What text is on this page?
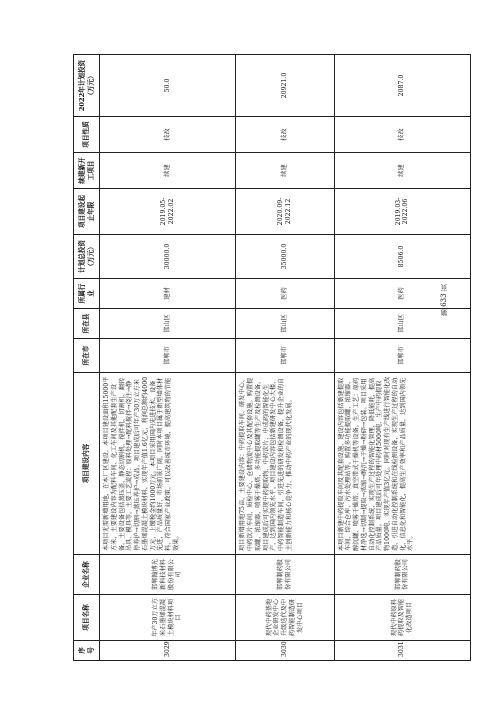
序号	项目名称	企业名称	项目建设内容	所在市	所在县	所属行业	计划总投资（万元）	项目建设起止年限	续建新开工项目	项目性质	2022年计划投资（万元）
3029	年产30万立方米石墨烯混凝土模块材料项目	邯郸翰博光新科技材料股份有限公司	本项目无需新增用地，在本厂区建设，本项目建设面积15000平方米，主要建设内容为配料车间、化工车间及其他配套生产设备。主要设备包括蒸压釜、静态切割机、搅拌机、切割机、翻转吊具、模具等。主要工艺流程：原料处理→配料搅拌→浇注→静停养护→切割→蒸压养护→成品。项目建成后可年产30万立方米石墨烯混凝土模块材料，实现年产值1.6亿元，利润总额约4000万元，上缴税金约1000万元。本项目采用国内先进技术，设备先进，产品质量好，市场前景广阔。同时本项目属于新型墙体材料，符合国家产业政策，可以改善城市环境，提高建筑物的节能效果。	邯郸市	邯山区	建材	30000.0	2019.05-2022.02	续建	技改	50.0
3030	现代中药基地企业研发中心升级迭代及中药智能制造研发中心项目	邯郸制药股份有限公司	项目新增用地75亩，主要建设内容：中药提取车间、研发中心、中药饮片车间、质检中心、仓储物流中心及其配套设施。购置提取罐、浓缩器、喷雾干燥塔、多功能提取罐等生产及检测设备。项目建成后可实现中药提取物、中药饮片、中成药的智能化生产，达到国内领先水平。项目建设内容包括新建研发中心大楼、中药智能制造车间，引进先进的研发和检测设备，提升企业的自主创新能力和核心竞争力，推动中药产业的现代化发展。	邯郸市	邯山区	医药	35000.0	2020.09-2022.12	续建	技改	20921.0
3031	现代中药原料药提取及智能化改造项目	邯郸制药股份有限公司	本项目新建中药提取车间及其配套设施，建设内容包括新建提取车间、综合仓库、污水处理站等。购置多功能提取罐、浓缩器、醇沉罐、喷雾干燥塔、真空带式干燥机等设备。生产工艺：原药材净选→切制→提取→浓缩→醇沉→干燥→粉碎→包装。项目采用自动化控制系统，实现生产过程的智能化管理，降低能耗，提高产品质量。项目建成后可年处理中药材5000吨，生产中药提取物1000吨，实现年产值3亿元。同时对现有生产线进行智能化改造，引进自动化控制系统和在线检测设备，实现生产过程的自动化、信息化和智能化，提高生产效率和产品质量，达到国内领先水平。	邯郸市	邯山区	医药	8506.0	2019.03-2022.06	续建	技改	2087.0
第 633 页
